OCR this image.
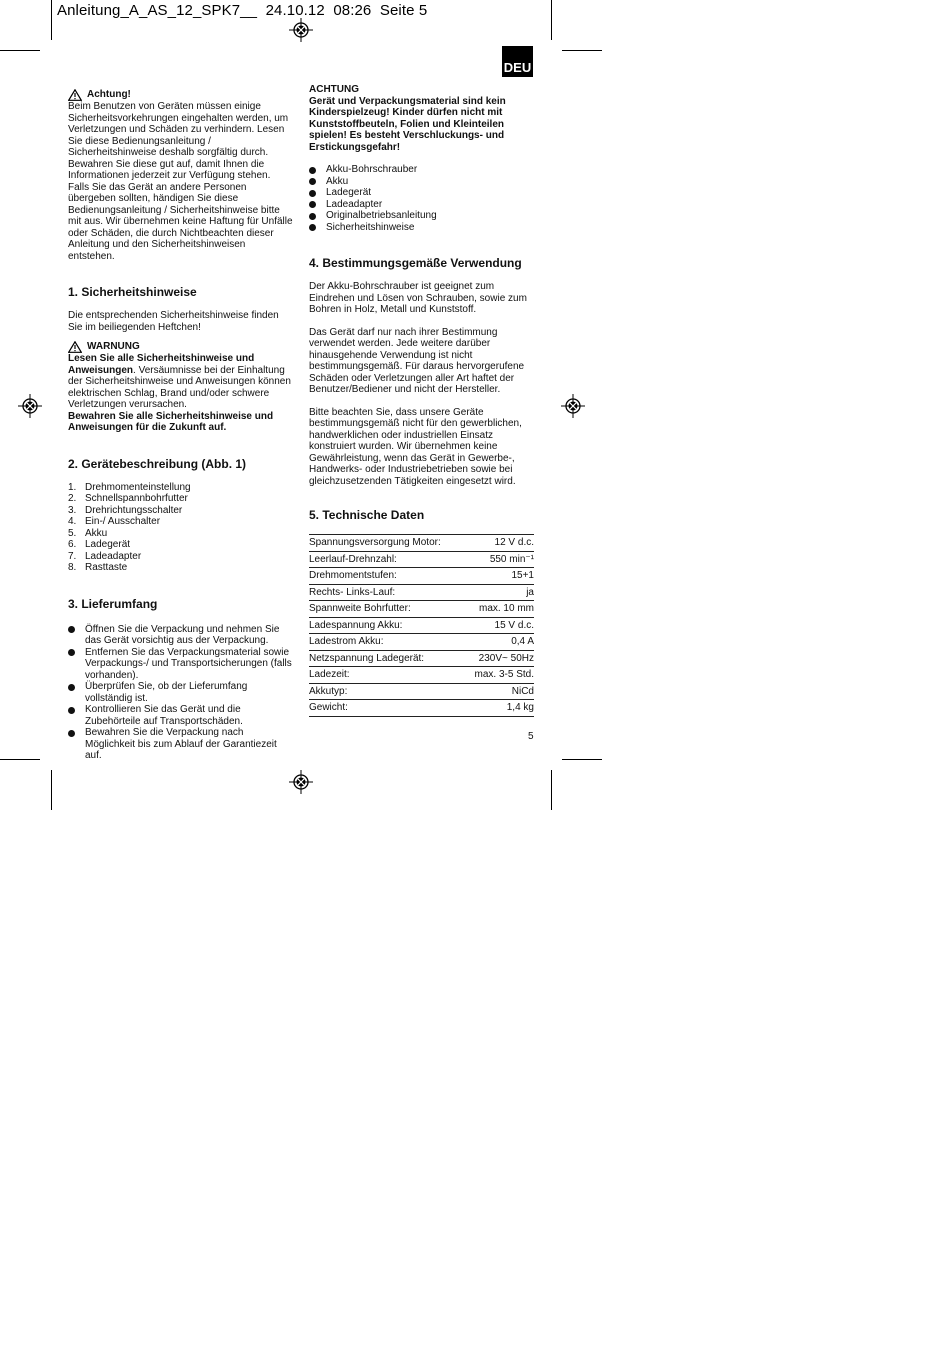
Anleitung_A_AS_12_SPK7__  24.10.12  08:26  Seite 5
DEU
Achtung!

Beim Benutzen von Geräten müssen einige Sicherheitsvorkehrungen eingehalten werden, um Verletzungen und Schäden zu verhindern. Lesen Sie diese Bedienungsanleitung / Sicherheitshinweise deshalb sorgfältig durch. Bewahren Sie diese gut auf, damit Ihnen die Informationen jederzeit zur Verfügung stehen. Falls Sie das Gerät an andere Personen übergeben sollten, händigen Sie diese Bedienungsanleitung / Sicherheitshinweise bitte mit aus. Wir übernehmen keine Haftung für Unfälle oder Schäden, die durch Nichtbeachten dieser Anleitung und den Sicherheitshinweisen entstehen.

1. Sicherheitshinweise

Die entsprechenden Sicherheitshinweise finden Sie im beiliegenden Heftchen!

WARNUNG

Lesen Sie alle Sicherheitshinweise und Anweisungen. Versäumnisse bei der Einhaltung der Sicherheitshinweise und Anweisungen können elektrischen Schlag, Brand und/oder schwere Verletzungen verursachen.

Bewahren Sie alle Sicherheitshinweise und Anweisungen für die Zukunft auf.

2. Gerätebeschreibung (Abb. 1)
1. Drehmomenteinstellung
2. Schnellspannbohrfutter
3. Drehrichtungsschalter
4. Ein-/ Ausschalter
5. Akku
6. Ladegerät
7. Ladeadapter
8. Rasttaste
3. Lieferumfang
Öffnen Sie die Verpackung und nehmen Sie das Gerät vorsichtig aus der Verpackung.
Entfernen Sie das Verpackungsmaterial sowie Verpackungs-/ und Transportsicherungen (falls vorhanden).
Überprüfen Sie, ob der Lieferumfang vollständig ist.
Kontrollieren Sie das Gerät und die Zubehörteile auf Transportschäden.
Bewahren Sie die Verpackung nach Möglichkeit bis zum Ablauf der Garantiezeit auf.

ACHTUNG

Gerät und Verpackungsmaterial sind kein Kinderspielzeug! Kinder dürfen nicht mit Kunststoffbeuteln, Folien und Kleinteilen spielen! Es besteht Verschluckungs- und Erstickungsgefahr!

Akku-Bohrschrauber
Akku
Ladegerät
Ladeadapter
Originalbetriebsanleitung
Sicherheitshinweise
4. Bestimmungsgemäße Verwendung

Der Akku-Bohrschrauber ist geeignet zum Eindrehen und Lösen von Schrauben, sowie zum Bohren in Holz, Metall und Kunststoff.

Das Gerät darf nur nach ihrer Bestimmung verwendet werden. Jede weitere darüber hinausgehende Verwendung ist nicht bestimmungsgemäß. Für daraus hervorgerufene Schäden oder Verletzungen aller Art haftet der Benutzer/Bediener und nicht der Hersteller.

Bitte beachten Sie, dass unsere Geräte bestimmungsgemäß nicht für den gewerblichen, handwerklichen oder industriellen Einsatz konstruiert wurden. Wir übernehmen keine Gewährleistung, wenn das Gerät in Gewerbe-, Handwerks- oder Industriebetrieben sowie bei gleichzusetzenden Tätigkeiten eingesetzt wird.

5. Technische Daten
Spannungsversorgung Motor:	12 V d.c.
Leerlauf-Drehnzahl:	550 min⁻¹
Drehmomentstufen:	15+1
Rechts- Links-Lauf:	ja
Spannweite Bohrfutter:	max. 10 mm
Ladespannung Akku:	15 V d.c.
Ladestrom Akku:	0,4 A
Netzspannung Ladegerät:	230V~ 50Hz
Ladezeit:	max. 3-5 Std.
Akkutyp:	NiCd
Gewicht:	1,4 kg
5
